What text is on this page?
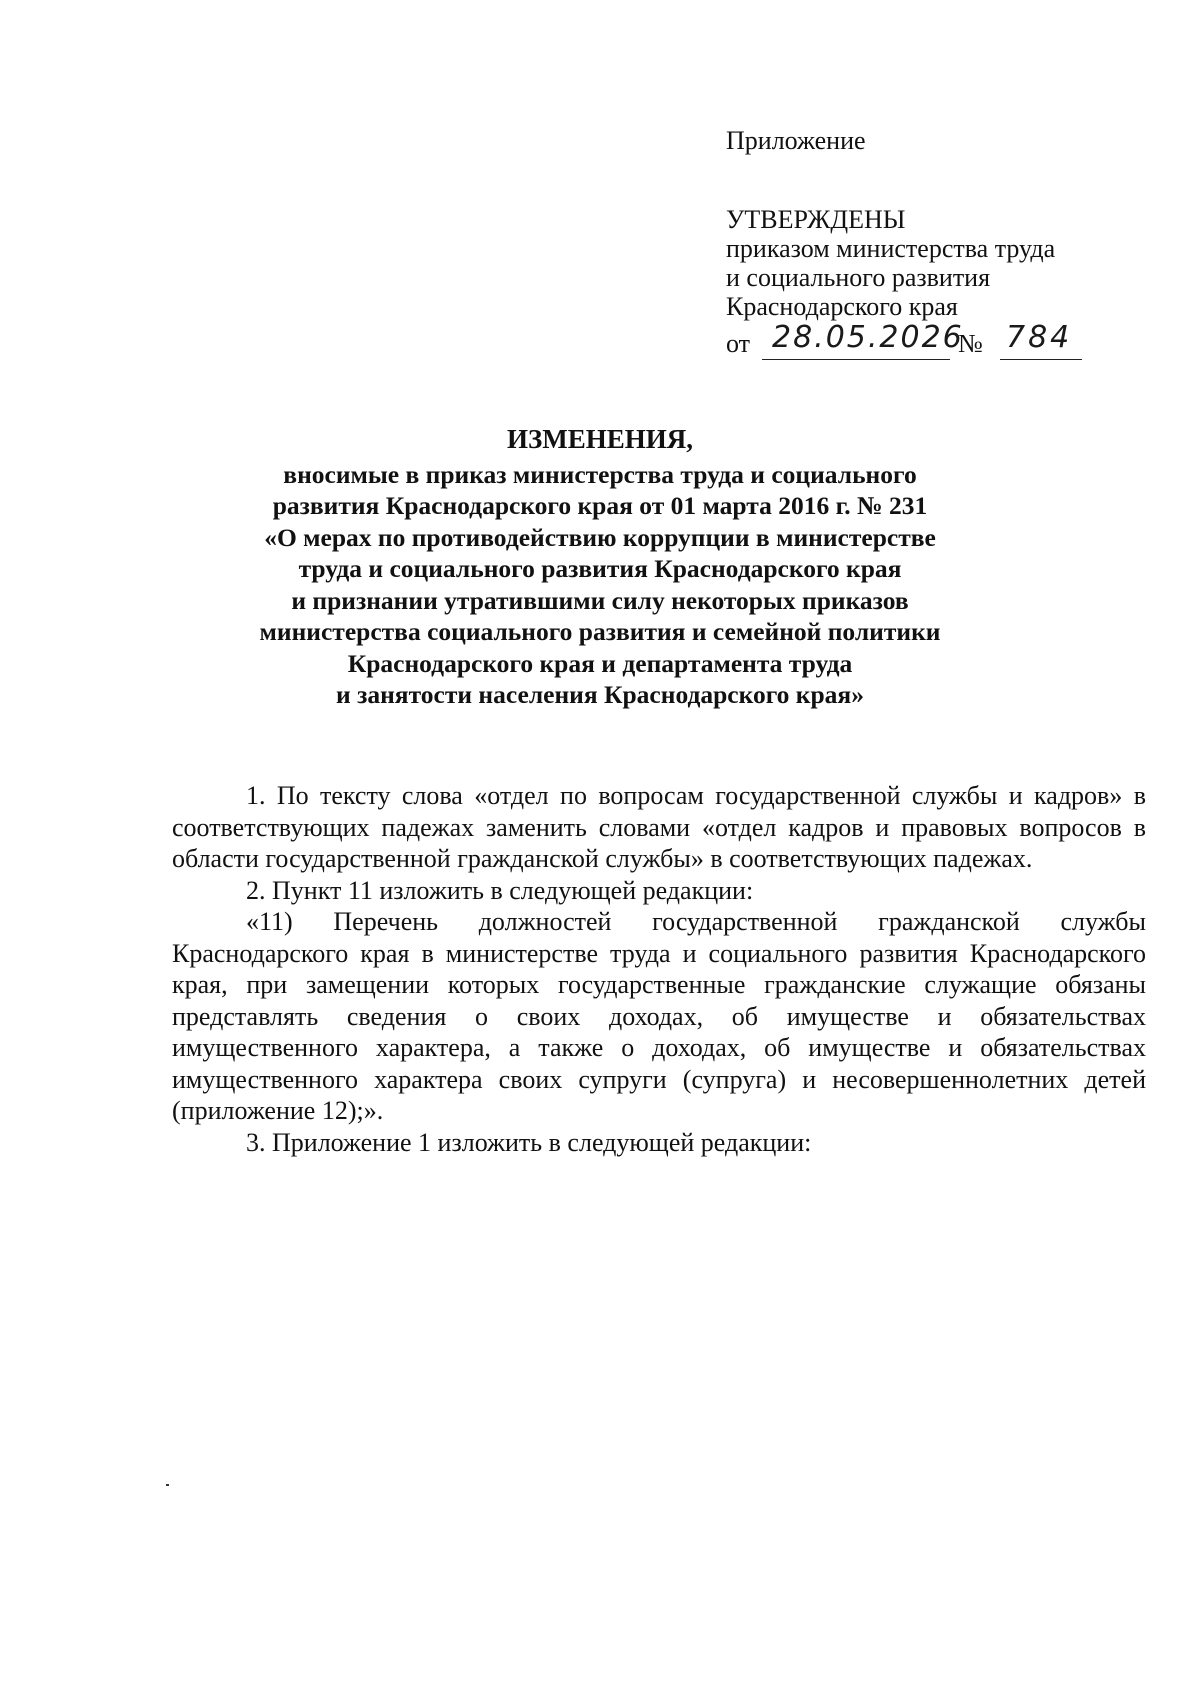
Приложение
УТВЕРЖДЕНЫ
приказом министерства труда
и социального развития
Краснодарского края
от 28.05.2026
№ 784
ИЗМЕНЕНИЯ,
вносимые в приказ министерства труда и социального
развития Краснодарского края от 01 марта 2016 г. № 231
«О мерах по противодействию коррупции в министерстве
труда и социального развития Краснодарского края
и признании утратившими силу некоторых приказов
министерства социального развития и семейной политики
Краснодарского края и департамента труда
и занятости населения Краснодарского края»

1. По тексту слова «отдел по вопросам государственной службы и кадров» в соответствующих падежах заменить словами «отдел кадров и правовых вопросов в области государственной гражданской службы» в соответствующих падежах.

2. Пункт 11 изложить в следующей редакции:

«11) Перечень должностей государственной гражданской службы Краснодарского края в министерстве труда и социального развития Краснодарского края, при замещении которых государственные гражданские служащие обязаны представлять сведения о своих доходах, об имуществе и обязательствах имущественного характера, а также о доходах, об имуществе и обязательствах имущественного характера своих супруги (супруга) и несовершеннолетних детей (приложение 12);».

3. Приложение 1 изложить в следующей редакции:
